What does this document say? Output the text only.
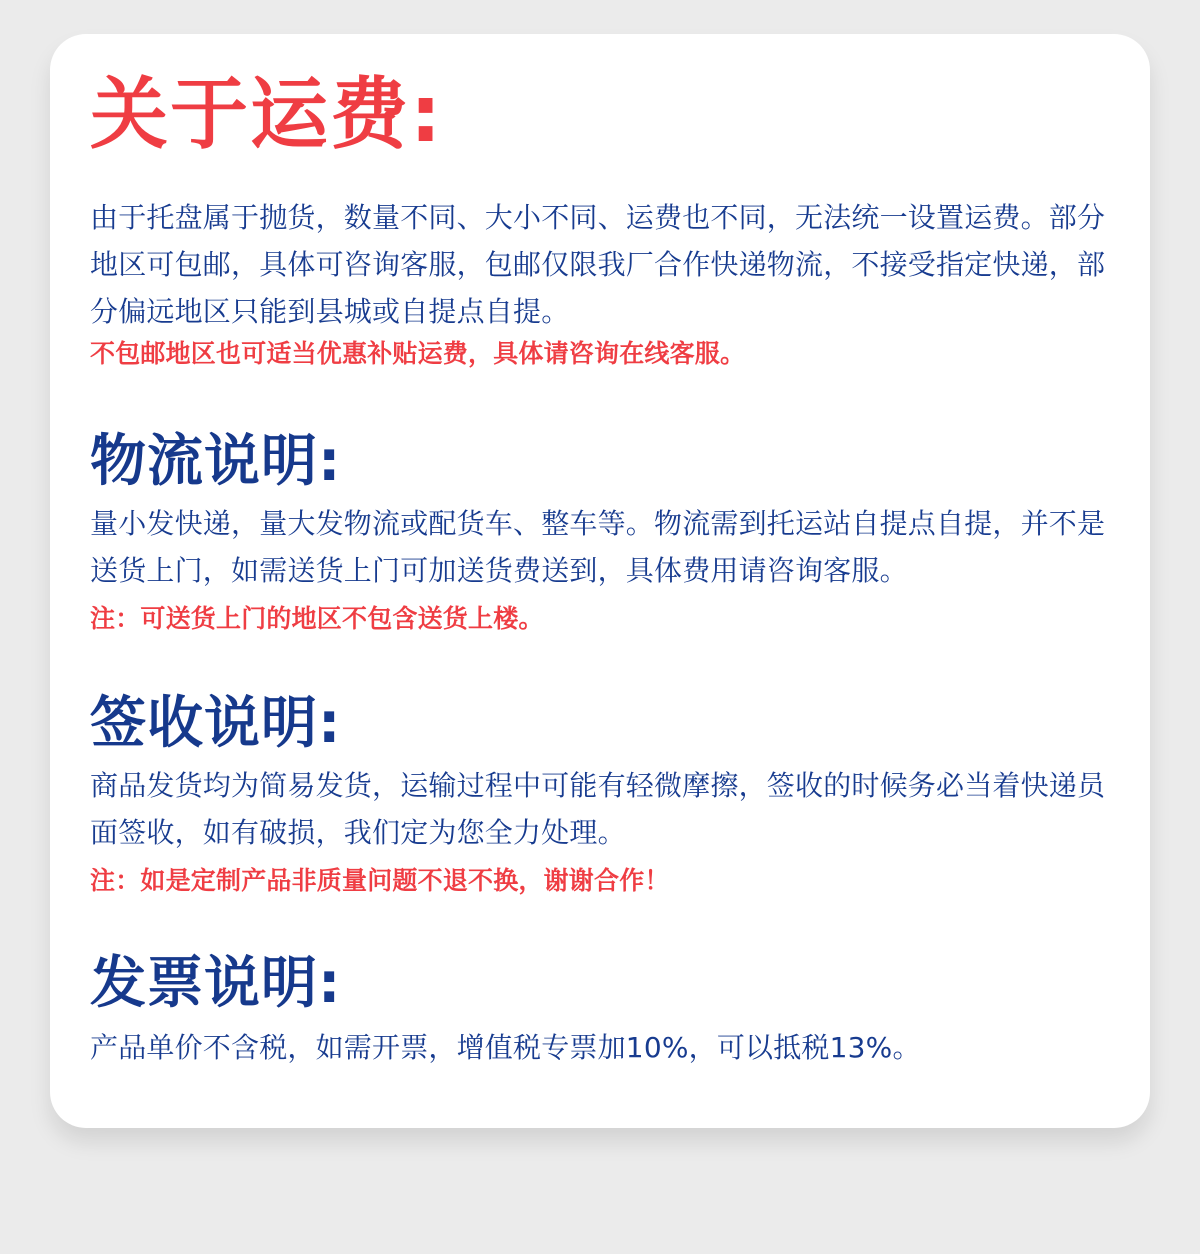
关于运费:

由于托盘属于抛货，数量不同、大小不同、运费也不同，无法统一设置运费。部分地区可包邮，具体可咨询客服，包邮仅限我厂合作快递物流，不接受指定快递，部分偏远地区只能到县城或自提点自提。

不包邮地区也可适当优惠补贴运费，具体请咨询在线客服。

物流说明:

量小发快递，量大发物流或配货车、整车等。物流需到托运站自提点自提，并不是送货上门，如需送货上门可加送货费送到，具体费用请咨询客服。

注：可送货上门的地区不包含送货上楼。

签收说明:

商品发货均为简易发货，运输过程中可能有轻微摩擦，签收的时候务必当着快递员面签收，如有破损，我们定为您全力处理。

注：如是定制产品非质量问题不退不换，谢谢合作！

发票说明:

产品单价不含税，如需开票，增值税专票加10%，可以抵税13%。
